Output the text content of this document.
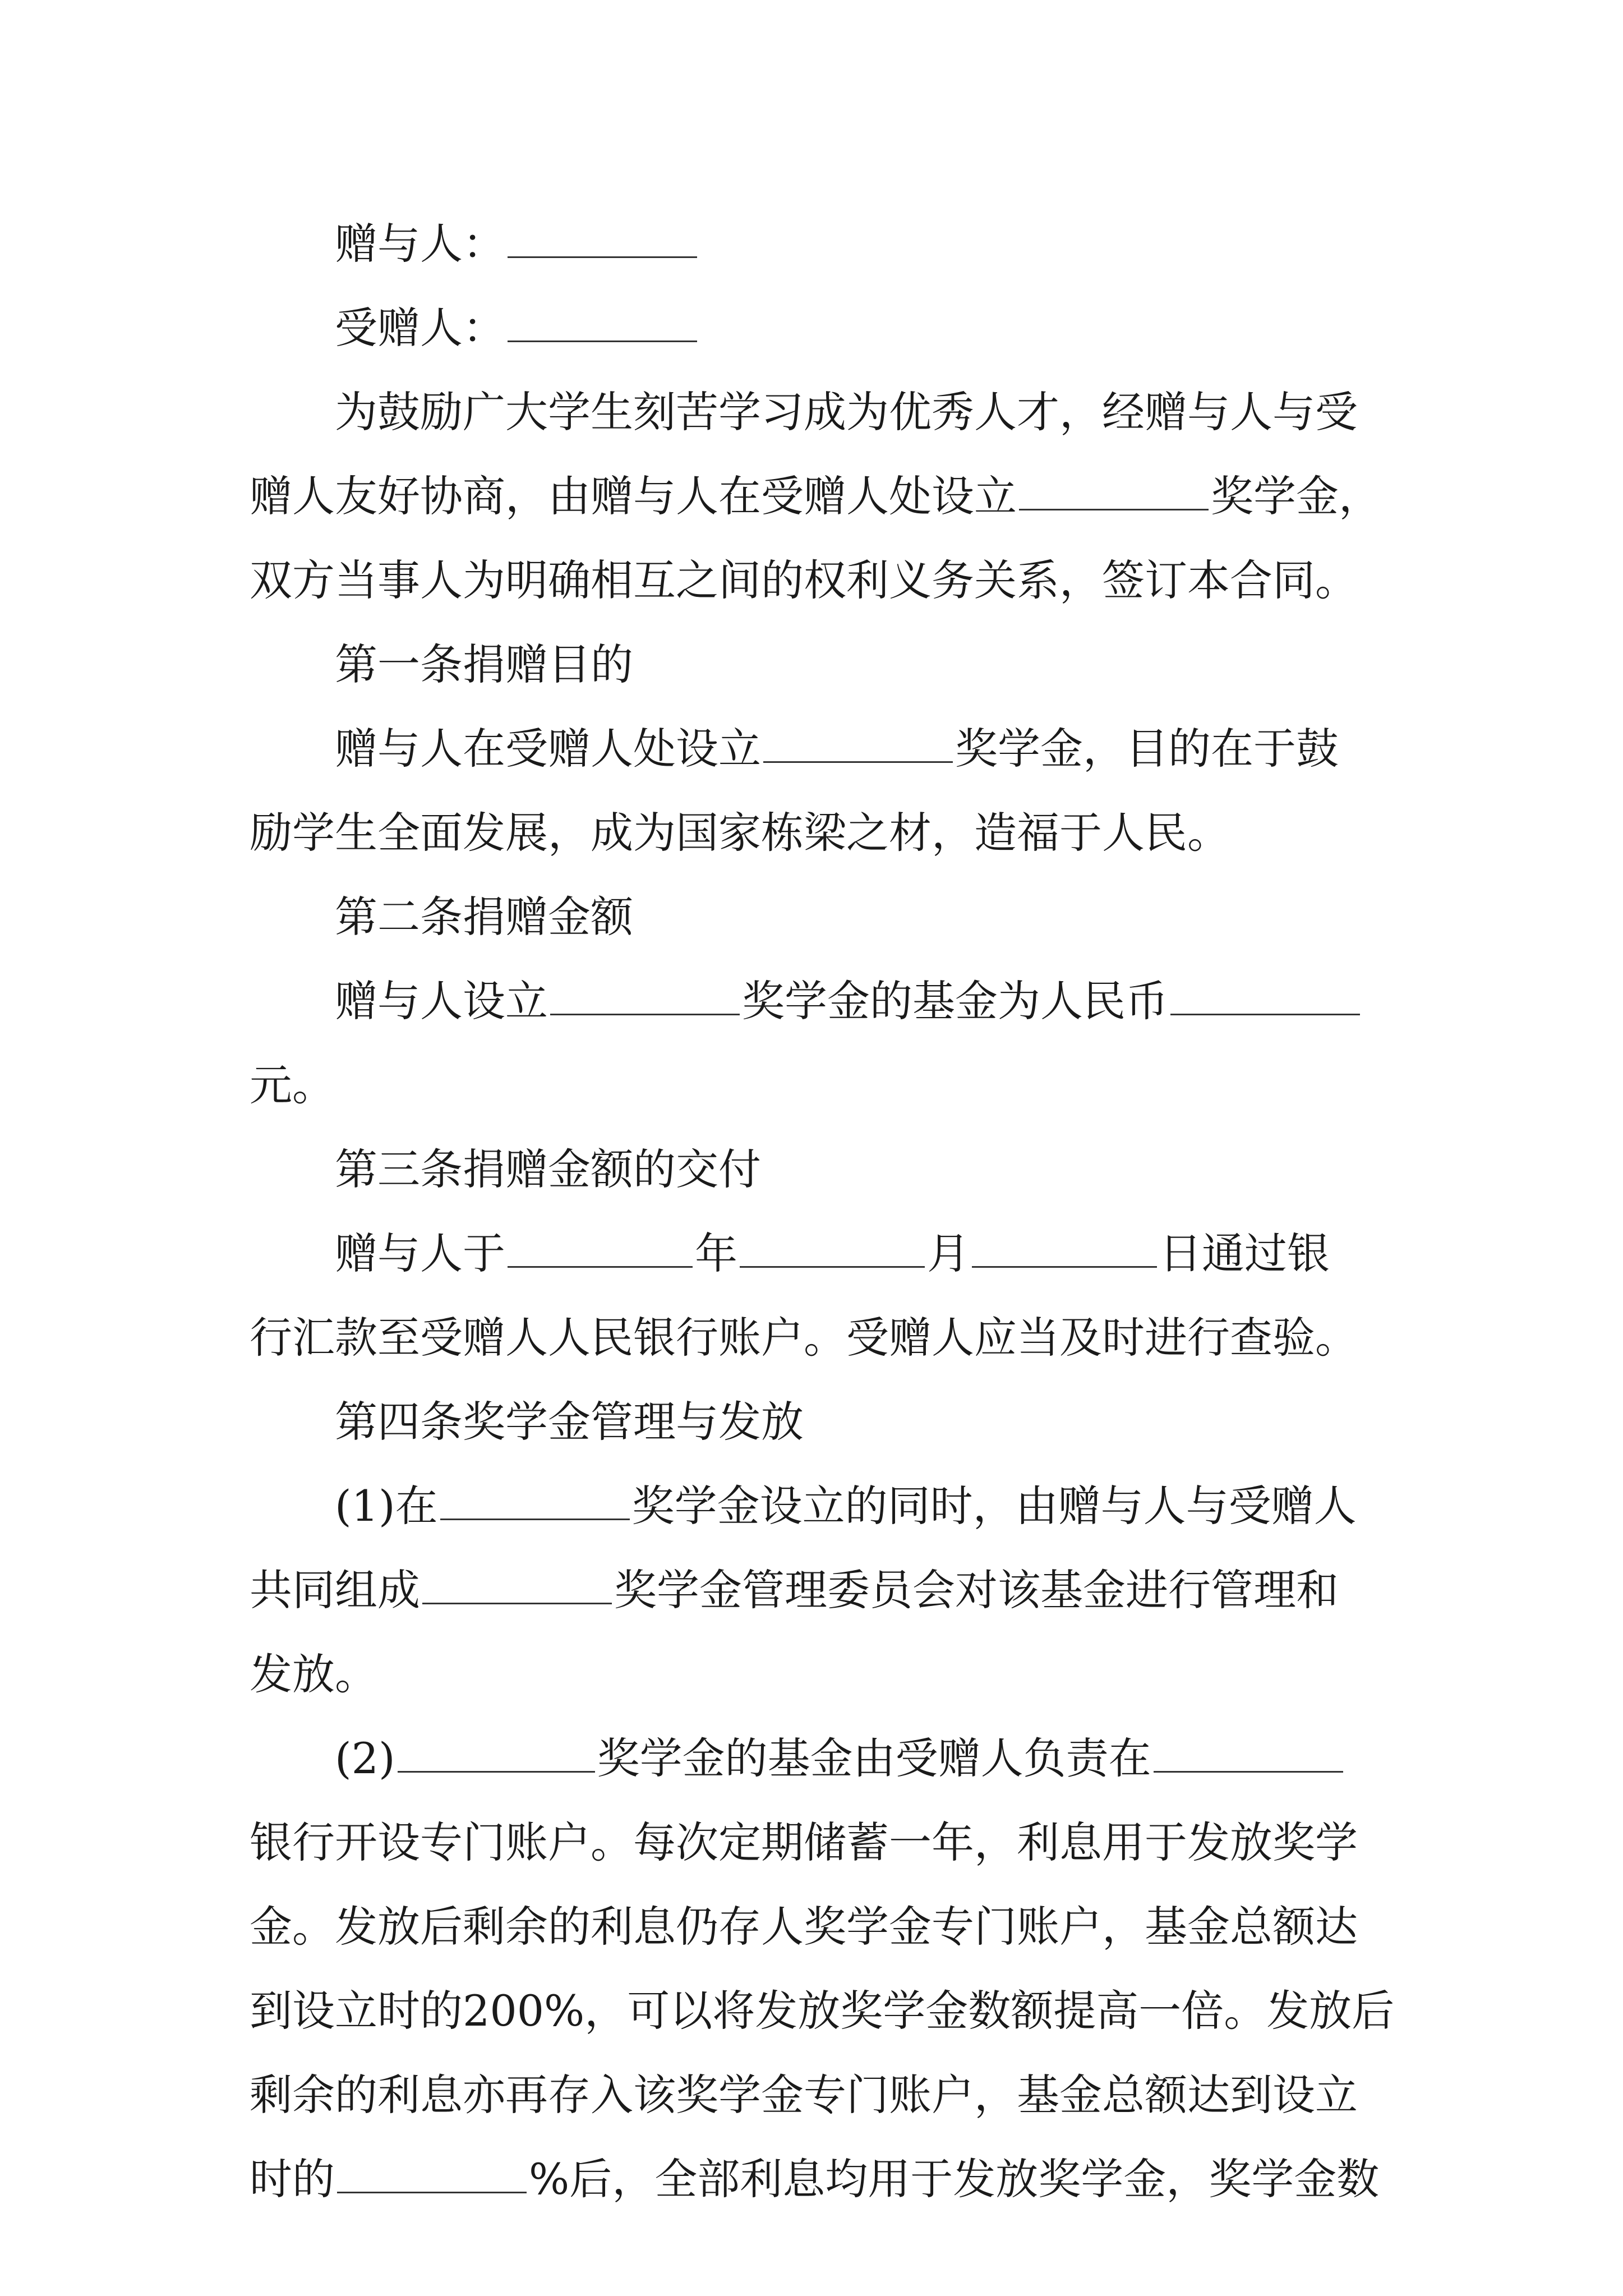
赠与人：
受赠人：
为鼓励广大学生刻苦学习成为优秀人才，经赠与人与受
赠人友好协商，由赠与人在受赠人处设立	奖学金，
双方当事人为明确相互之间的权利义务关系，签订本合同。
第一条捐赠目的
赠与人在受赠人处设立	奖学金，目的在于鼓
励学生全面发展，成为国家栋梁之材，造福于人民。
第二条捐赠金额
赠与人设立	奖学金的基金为人民币
元。
第三条捐赠金额的交付
赠与人于	年	月	日通过银
行汇款至受赠人人民银行账户。受赠人应当及时进行查验。
第四条奖学金管理与发放
(1)在	奖学金设立的同时，由赠与人与受赠人
共同组成	奖学金管理委员会对该基金进行管理和
发放。
(2)	奖学金的基金由受赠人负责在
银行开设专门账户。每次定期储蓄一年，利息用于发放奖学
金。发放后剩余的利息仍存人奖学金专门账户，基金总额达
到设立时的200%，可以将发放奖学金数额提高一倍。发放后
剩余的利息亦再存入该奖学金专门账户，基金总额达到设立
时的	%后，全部利息均用于发放奖学金，奖学金数
